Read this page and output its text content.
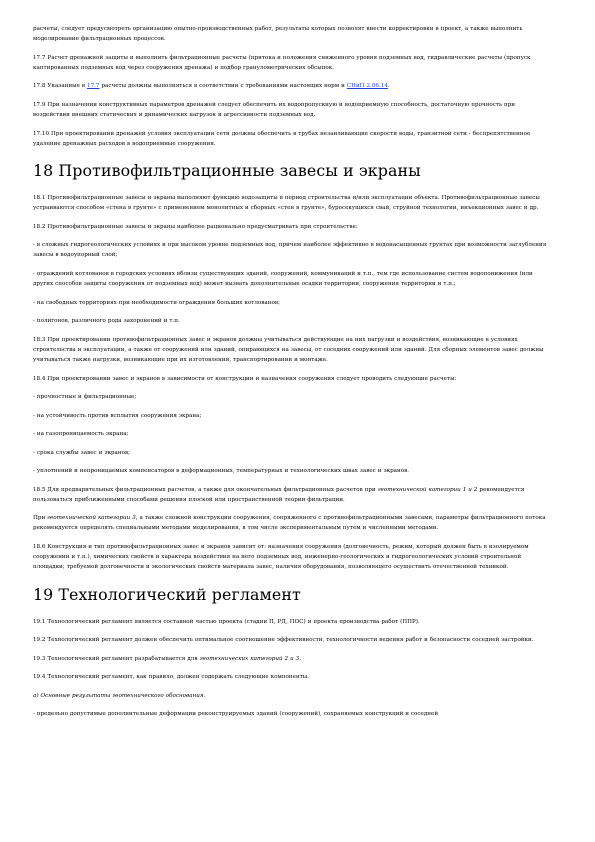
расчеты, следует предусмотреть организацию опытно-производственных работ, результаты которых позволят внести корректировки в проект, а также выполнить моделирование фильтрационных процессов.
17.7 Расчет дренажной защиты и выполнить фильтрационные расчеты (притока и положения сниженного уровня подземных вод, гидравлические расчеты (пропуск каптированных подземных вод через сооружения дренажа) и подбор гранулометрических обсыпок.
17.8 Указанные в 17.7 расчеты должны выполняться в соответствии с требованиями настоящих норм и СНиП 2.06.14.
17.9 При назначении конструктивных параметров дренажей следует обеспечить их водопропускную и водоприемную способность, достаточную прочность при воздействии внешних статических и динамических нагрузок и агрессивности подземных вод.
17.10 При проектировании дренажей условия эксплуатации сети должны обеспечить в трубах незаиливающие скорости воды, транзитной сети - беспрепятственное удаление дренажных расходов в водоприемные сооружения.
18 Противофильтрационные завесы и экраны
18.1 Противофильтрационные завесы и экраны выполняют функцию водозащиты в период строительства и/или эксплуатации объекта. Противофильтрационные завесы устраиваются способом «стена в грунте» с применением монолитных и сборных «стен в грунте», буросекущихся свай, струйной технологии, инъекционных завес и др.
18.2 Противофильтрационные завесы и экраны наиболее рационально предусматривать при строительстве:
- в сложных гидрогеологических условиях и при высоком уровне подземных вод, причем наиболее эффективно в водонасыщенных грунтах при возможности заглубления завесы в водоупорный слой;
- ограждений котлованов в городских условиях вблизи существующих зданий, сооружений, коммуникаций и т.п., тем где использование систем водопонижения (или других способов защиты сооружения от подземных вод) может вызвать дополнительные осадки территории, сооружения территории и т.п.;
- на свободных территориях при необходимости ограждения больших котлованов;
- полигонов, различного рода захоронений и т.п.
18.3 При проектировании противофильтрационных завес и экранов должны учитываться действующие на них нагрузки и воздействия, возникающие в условиях строительства и эксплуатации, а также от сооружений или зданий, опирающихся на завесы, от соседних сооружений или зданий. Для сборных элементов завес должны учитываться также нагрузки, возникающие при их изготовлении, транспортировании и монтаже.
18.4 При проектировании завес и экранов в зависимости от конструкции и назначения сооружения следует проводить следующие расчеты:
- прочностные и фильтрационные;
- на устойчивость против всплытия сооружения экрана;
- на газопроницаемость экрана;
- срока службы завес и экранов;
- уплотнений и непроницаемых компенсаторов в деформационных, температурных и технологических швах завес и экранов.
18.5 Для предварительных фильтрационных расчетов, а также для окончательных фильтрационных расчетов при геотехнической категории 1 и 2 рекомендуется пользоваться приближенными способами решения плоской или пространственной теории фильтрации.
При геотехнической категории 3, а также сложной конструкции сооружения, сопряженного с противофильтрационными завесами, параметры фильтрационного потока рекомендуется определять специальными методами моделирования, в том числе экспериментальным путем и численными методами.
18.6 Конструкция и тип противофильтрационных завес и экранов зависит от: назначения сооружения (долговечность, режим, который должен быть в изолируемом сооружении и т.п.), химических свойств и характера воздействия на него подземных вод, инженерно-геологических и гидрогеологических условий строительной площадки; требуемой долговечности и экологических свойств материала завес, наличия оборудования, позволяющего осуществить отечественной техникой.
19 Технологический регламент
19.1 Технологический регламент является составной частью проекта (стадии П, РД, ПОС) и проекта производства работ (ППР).
19.2 Технологический регламент должен обеспечить оптимальное соотношение эффективности, технологичности ведения работ и безопасности соседней застройки.
19.3 Технологический регламент разрабатывается для геотехнических категорий 2 и 3.
19.4 Технологический регламент, как правило, должен содержать следующие компоненты.
а) Основные результаты геотехнического обоснования.
- предельно допустимые дополнительные деформации реконструируемых зданий (сооружений), сохраняемых конструкций и соседней
